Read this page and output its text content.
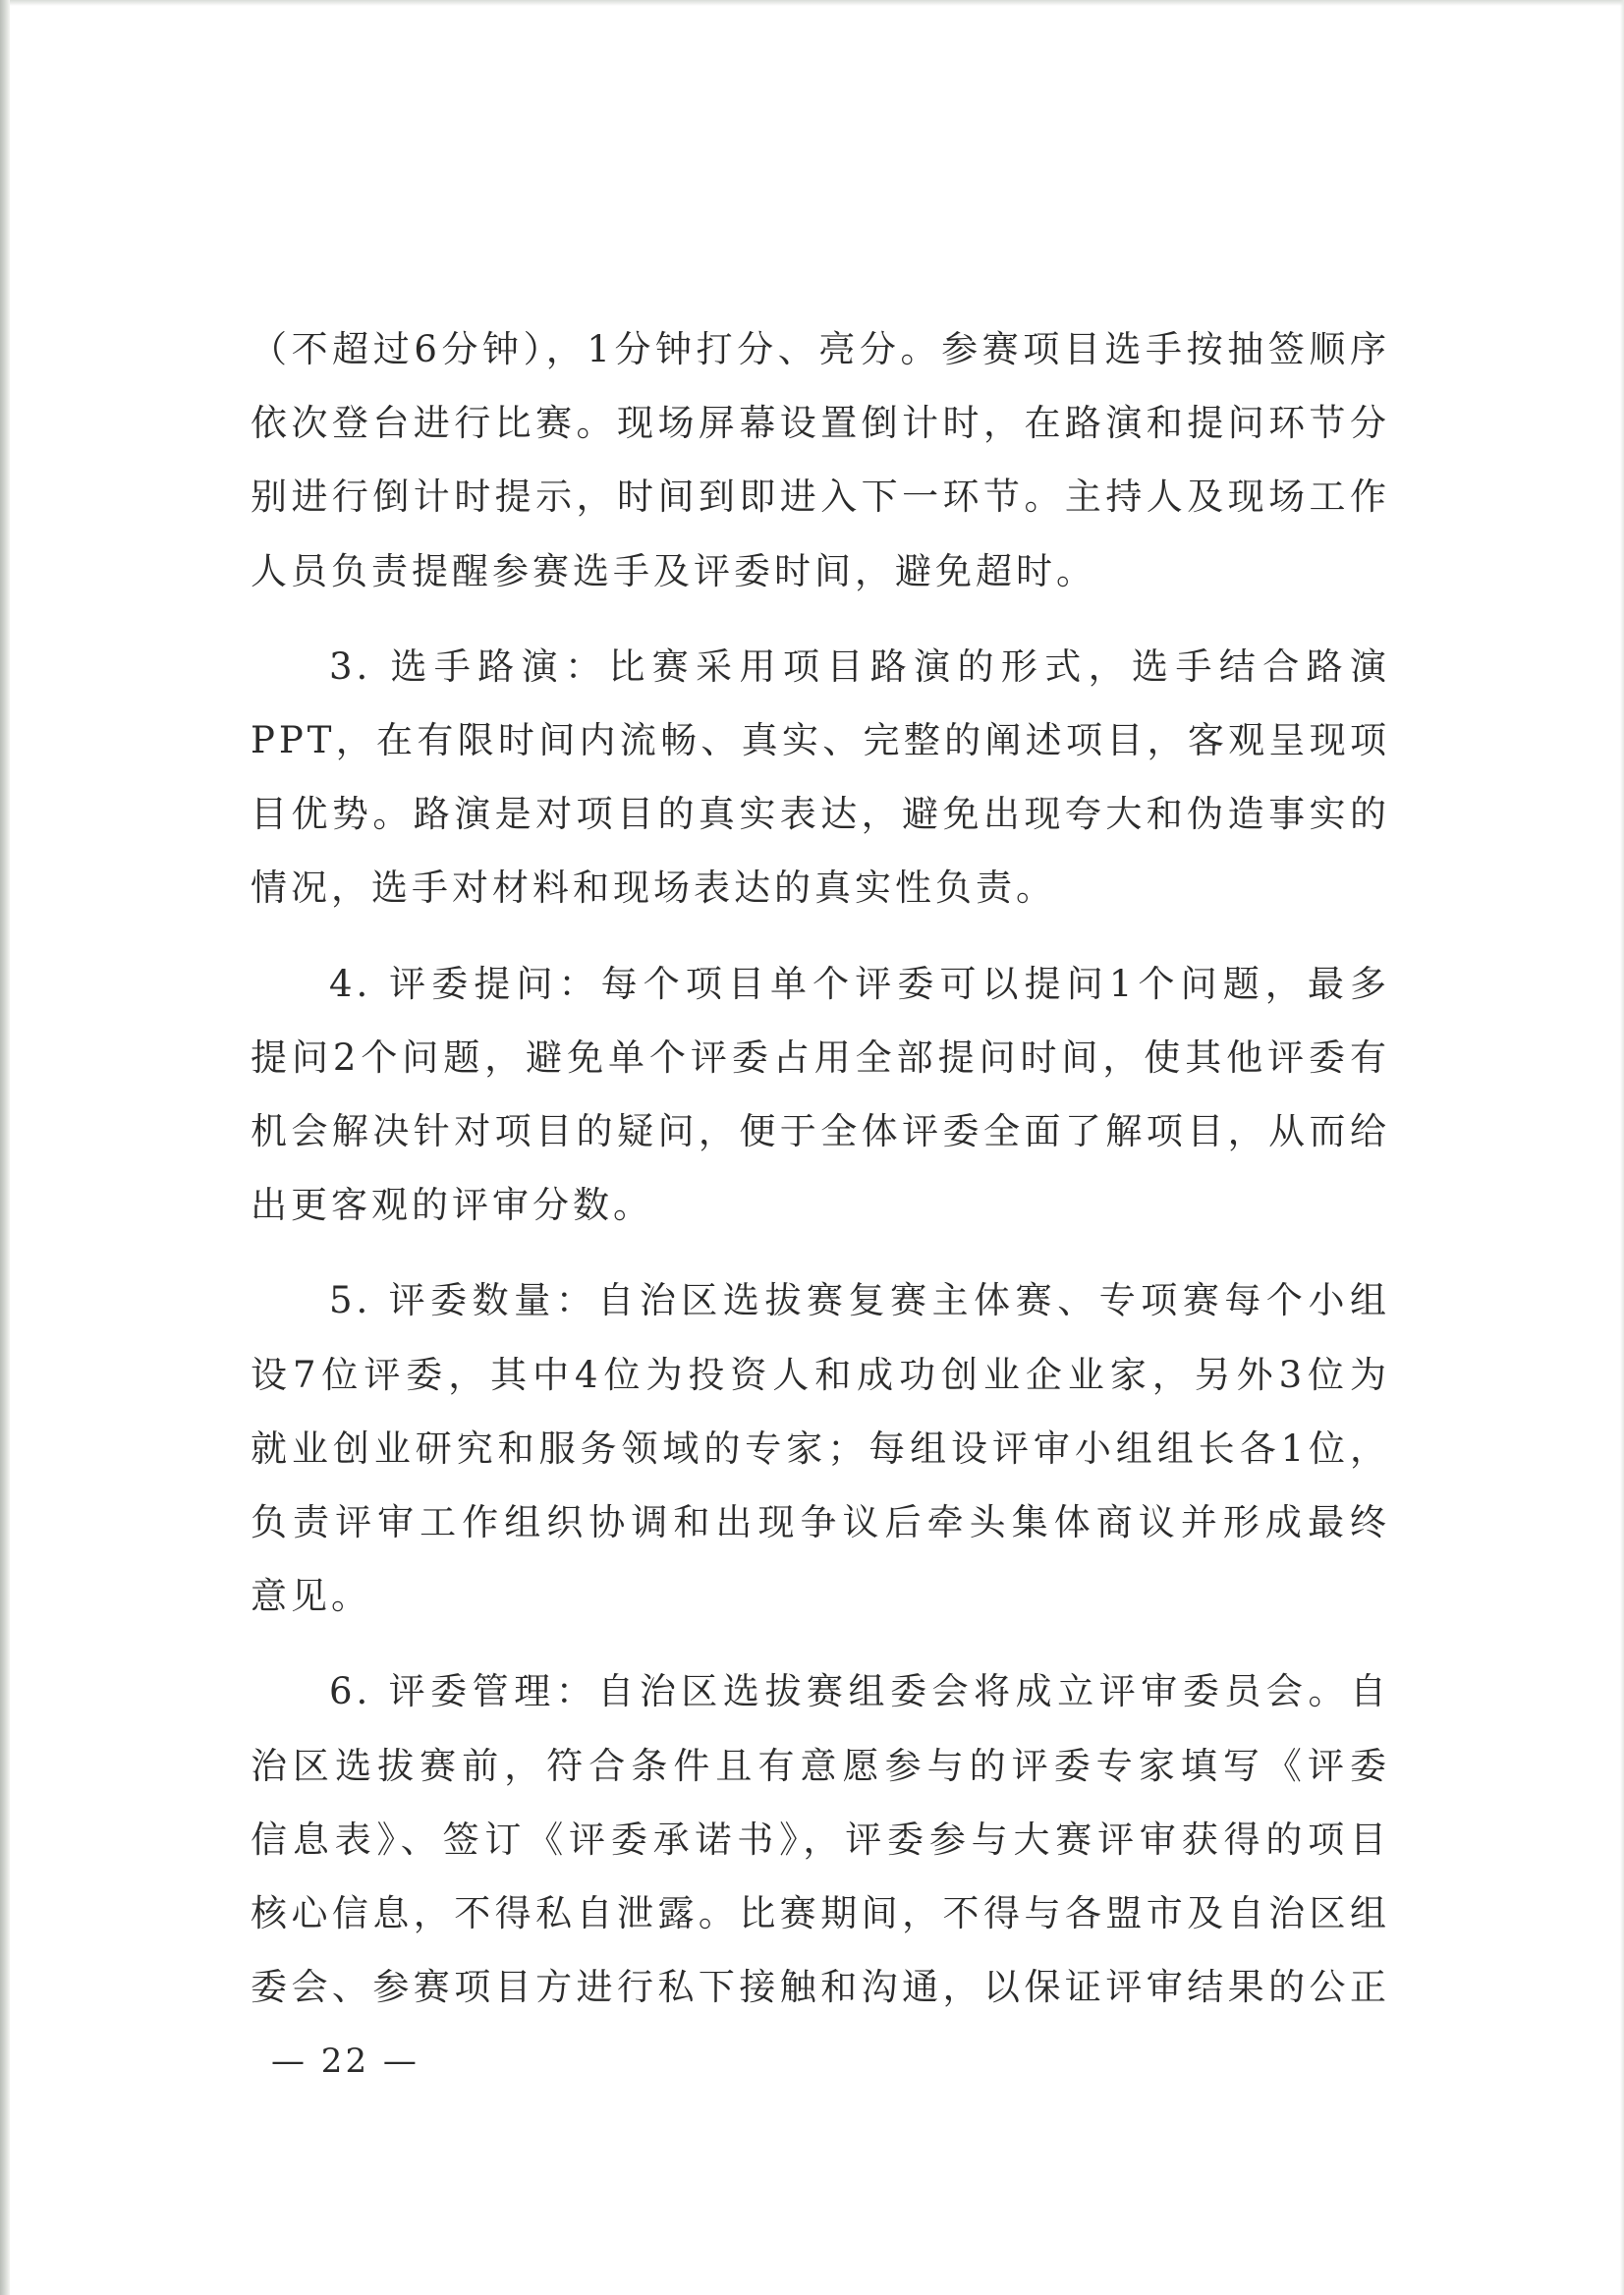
（不超过6分钟），1分钟打分、亮分。参赛项目选手按抽签顺序
依次登台进行比赛。现场屏幕设置倒计时，在路演和提问环节分
别进行倒计时提示，时间到即进入下一环节。主持人及现场工作
人员负责提醒参赛选手及评委时间，避免超时。

3. 选手路演：比赛采用项目路演的形式，选手结合路演
PPT，在有限时间内流畅、真实、完整的阐述项目，客观呈现项
目优势。路演是对项目的真实表达，避免出现夸大和伪造事实的
情况，选手对材料和现场表达的真实性负责。

4. 评委提问：每个项目单个评委可以提问1个问题，最多
提问2个问题，避免单个评委占用全部提问时间，使其他评委有
机会解决针对项目的疑问，便于全体评委全面了解项目，从而给
出更客观的评审分数。

5. 评委数量：自治区选拔赛复赛主体赛、专项赛每个小组
设7位评委，其中4位为投资人和成功创业企业家，另外3位为
就业创业研究和服务领域的专家；每组设评审小组组长各1位，
负责评审工作组织协调和出现争议后牵头集体商议并形成最终
意见。

6. 评委管理：自治区选拔赛组委会将成立评审委员会。自
治区选拔赛前，符合条件且有意愿参与的评委专家填写《评委
信息表》、签订《评委承诺书》，评委参与大赛评审获得的项目
核心信息，不得私自泄露。比赛期间，不得与各盟市及自治区组
委会、参赛项目方进行私下接触和沟通，以保证评审结果的公正

— 22 —
